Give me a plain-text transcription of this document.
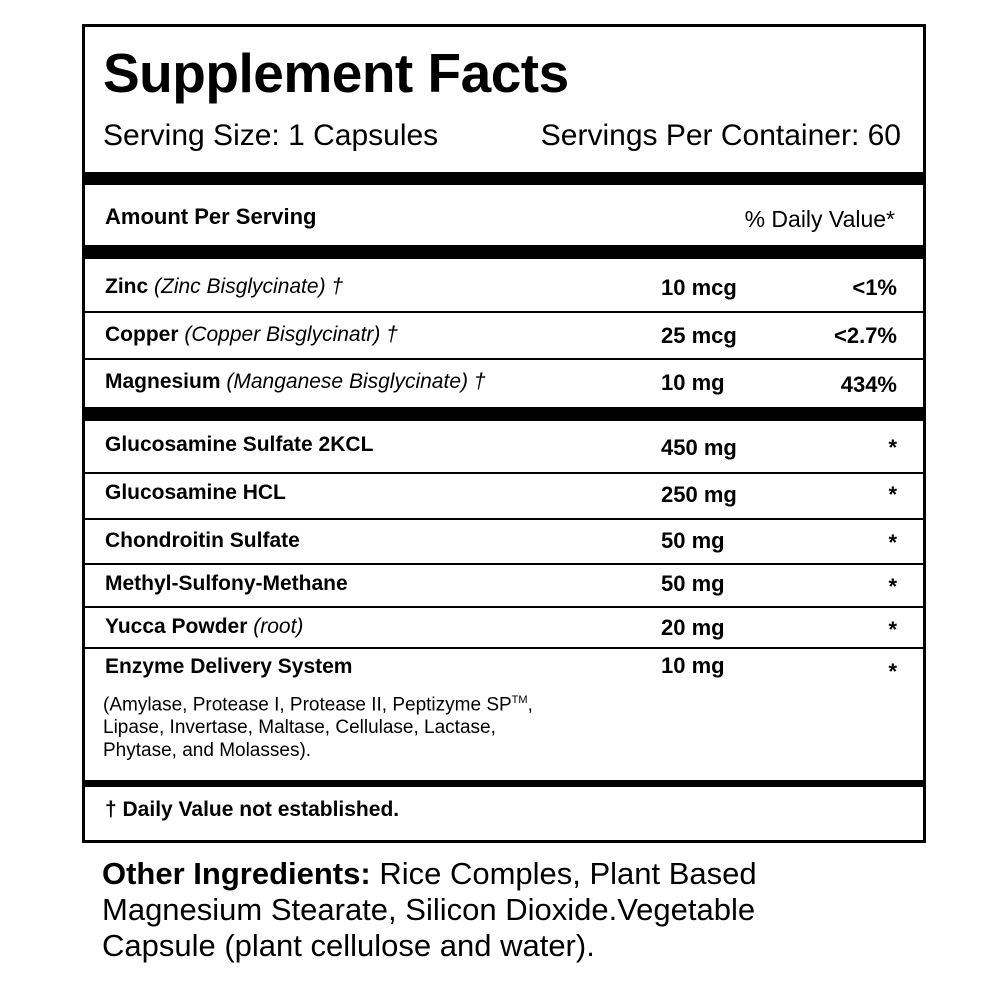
Supplement Facts
Serving Size: 1 Capsules	Servings Per Container: 60
Amount Per Serving	% Daily Value*
Zinc (Zinc Bisglycinate) †	10 mcg	<1%
Copper (Copper Bisglycinatr) †	25 mcg	<2.7%
Magnesium (Manganese Bisglycinate) †	10 mg	434%
Glucosamine Sulfate 2KCL	450 mg	*
Glucosamine HCL	250 mg	*
Chondroitin Sulfate	50 mg	*
Methyl-Sulfony-Methane	50 mg	*
Yucca Powder (root)	20 mg	*
Enzyme Delivery System	10 mg	*
(Amylase, Protease I, Protease II, Peptizyme SP™,
Lipase, Invertase, Maltase, Cellulase, Lactase,
Phytase, and Molasses).
† Daily Value not established.
Other Ingredients: Rice Comples, Plant Based Magnesium Stearate, Silicon Dioxide.Vegetable Capsule (plant cellulose and water).
